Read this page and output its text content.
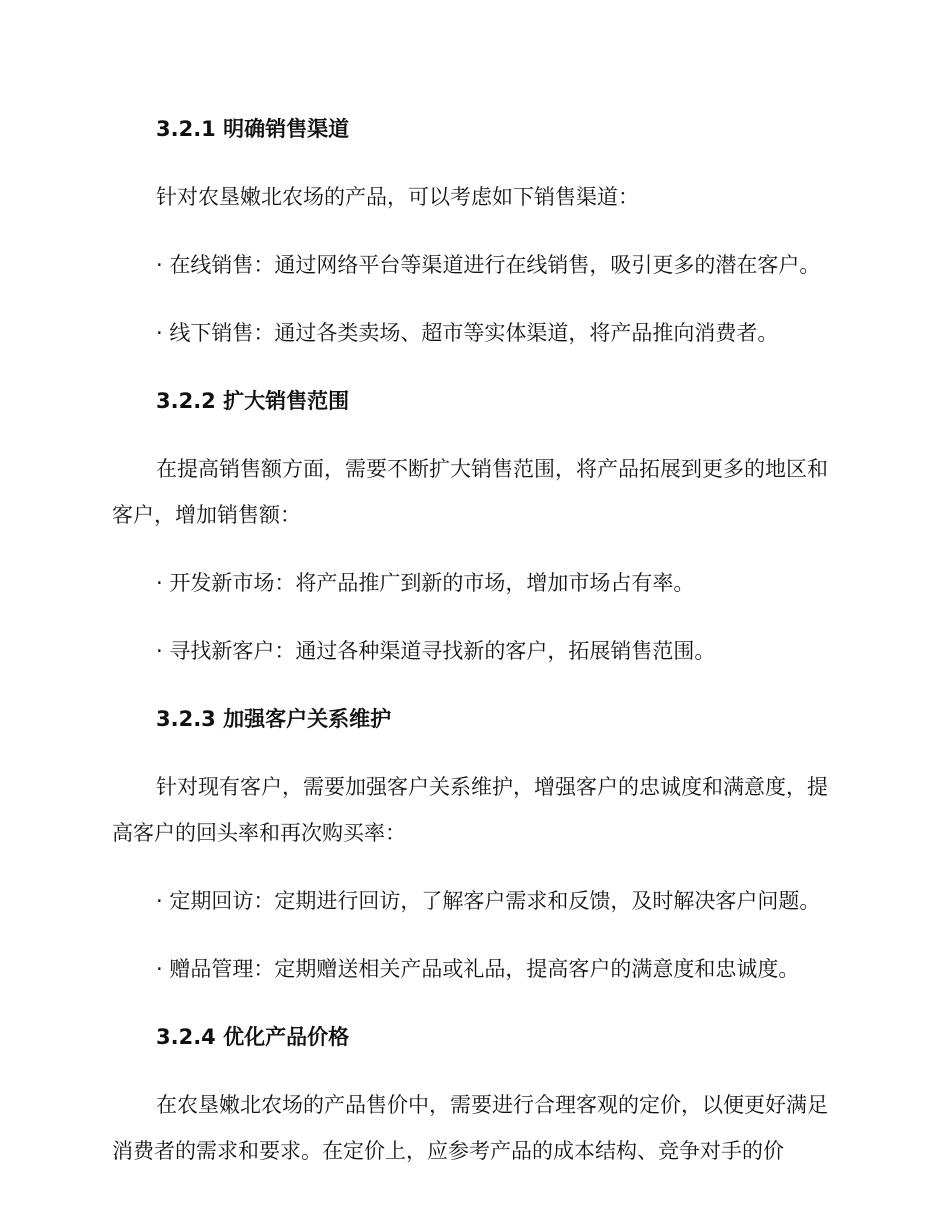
3.2.1 明确销售渠道
针对农垦嫩北农场的产品，可以考虑如下销售渠道：
· 在线销售：通过网络平台等渠道进行在线销售，吸引更多的潜在客户。
· 线下销售：通过各类卖场、超市等实体渠道，将产品推向消费者。
3.2.2 扩大销售范围
在提高销售额方面，需要不断扩大销售范围，将产品拓展到更多的地区和客户，增加销售额：
· 开发新市场：将产品推广到新的市场，增加市场占有率。
· 寻找新客户：通过各种渠道寻找新的客户，拓展销售范围。
3.2.3 加强客户关系维护
针对现有客户，需要加强客户关系维护，增强客户的忠诚度和满意度，提高客户的回头率和再次购买率：
· 定期回访：定期进行回访，了解客户需求和反馈，及时解决客户问题。
· 赠品管理：定期赠送相关产品或礼品，提高客户的满意度和忠诚度。
3.2.4 优化产品价格
在农垦嫩北农场的产品售价中，需要进行合理客观的定价，以便更好满足消费者的需求和要求。在定价上，应参考产品的成本结构、竞争对手的价
